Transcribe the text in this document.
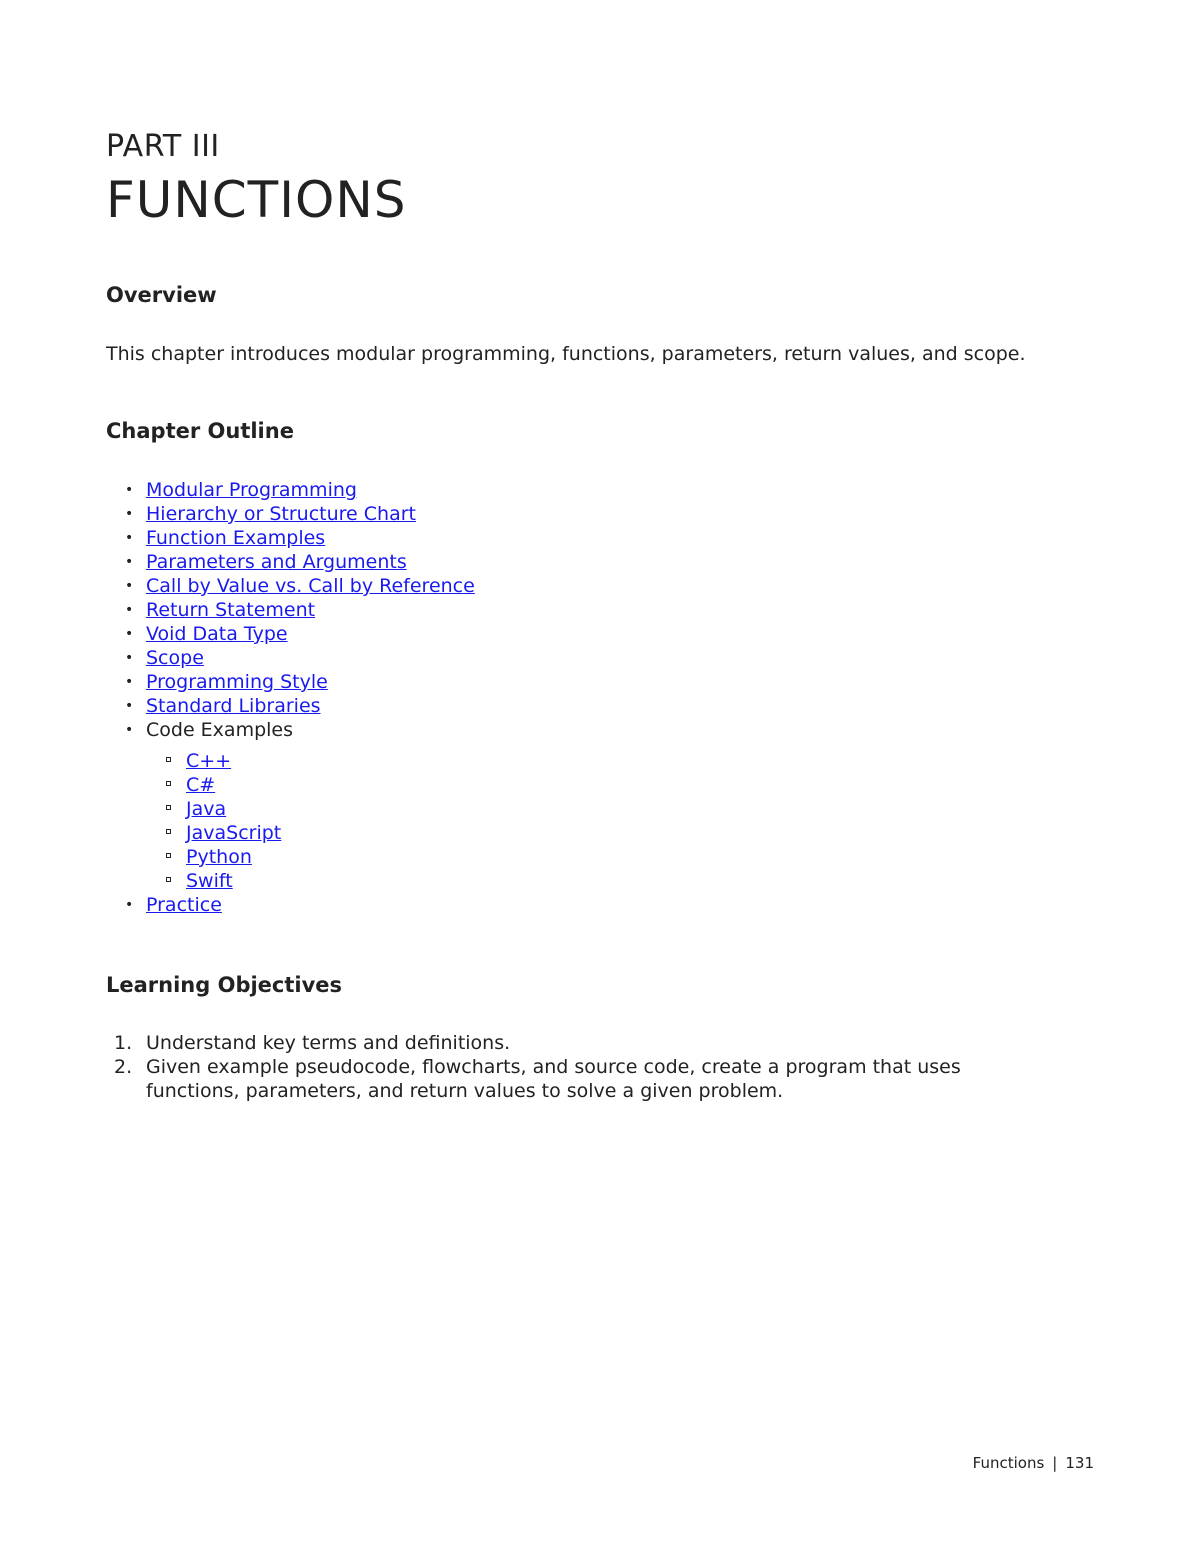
PART III
FUNCTIONS
Overview

This chapter introduces modular programming, functions, parameters, return values, and scope.

Chapter Outline
• Modular Programming
• Hierarchy or Structure Chart
• Function Examples
• Parameters and Arguments
• Call by Value vs. Call by Reference
• Return Statement
• Void Data Type
• Scope
• Programming Style
• Standard Libraries
• Code Examples
C++
C#
Java
JavaScript
Python
Swift
• Practice
Learning Objectives
1. Understand key terms and definitions.
2. Given example pseudocode, flowcharts, and source code, create a program that uses functions, parameters, and return values to solve a given problem.
Functions | 131
